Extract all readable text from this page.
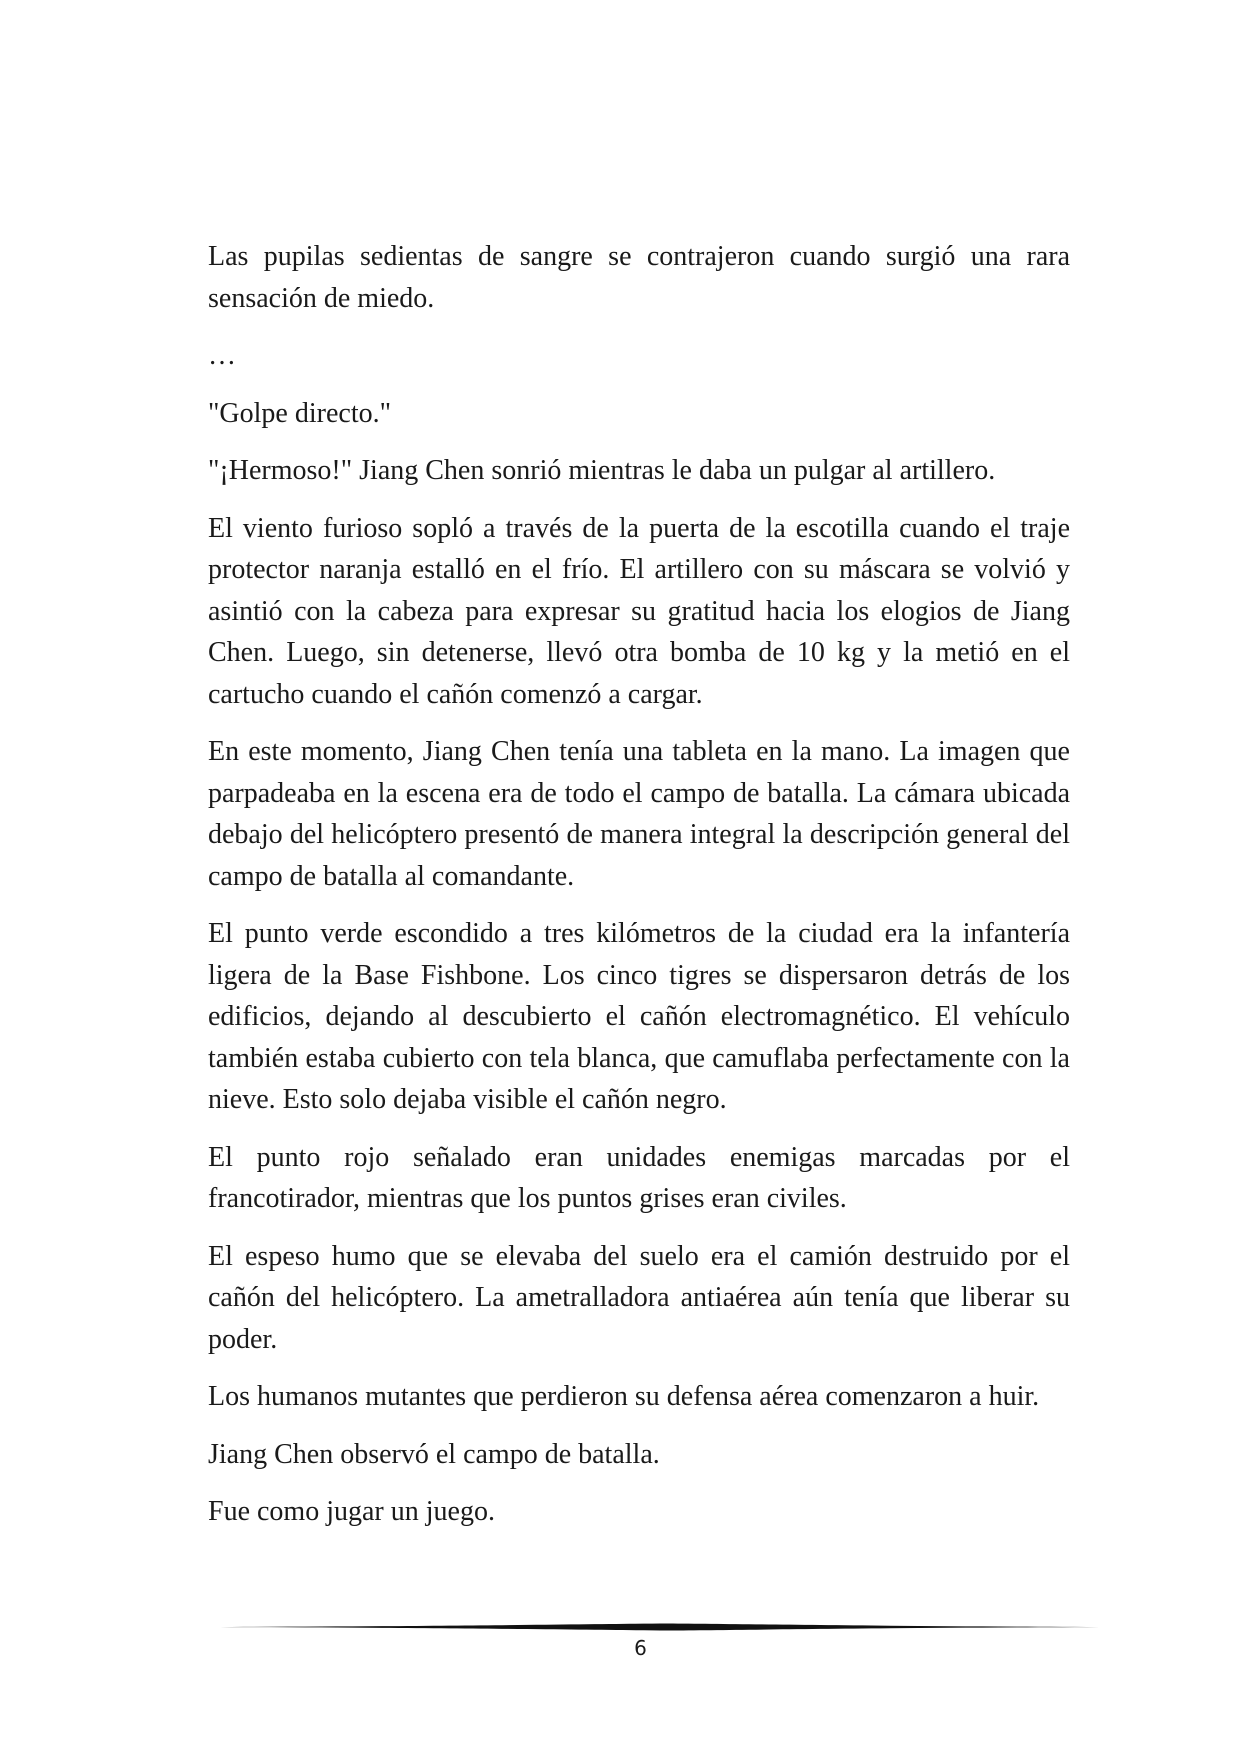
Las pupilas sedientas de sangre se contrajeron cuando surgió una rara sensación de miedo.

…

"Golpe directo."

"¡Hermoso!" Jiang Chen sonrió mientras le daba un pulgar al artillero.

El viento furioso sopló a través de la puerta de la escotilla cuando el traje protector naranja estalló en el frío. El artillero con su máscara se volvió y asintió con la cabeza para expresar su gratitud hacia los elogios de Jiang Chen. Luego, sin detenerse, llevó otra bomba de 10 kg y la metió en el cartucho cuando el cañón comenzó a cargar.

En este momento, Jiang Chen tenía una tableta en la mano. La imagen que parpadeaba en la escena era de todo el campo de batalla. La cámara ubicada debajo del helicóptero presentó de manera integral la descripción general del campo de batalla al comandante.

El punto verde escondido a tres kilómetros de la ciudad era la infantería ligera de la Base Fishbone. Los cinco tigres se dispersaron detrás de los edificios, dejando al descubierto el cañón electromagnético. El vehículo también estaba cubierto con tela blanca, que camuflaba perfectamente con la nieve. Esto solo dejaba visible el cañón negro.

El punto rojo señalado eran unidades enemigas marcadas por el francotirador, mientras que los puntos grises eran civiles.

El espeso humo que se elevaba del suelo era el camión destruido por el cañón del helicóptero. La ametralladora antiaérea aún tenía que liberar su poder.

Los humanos mutantes que perdieron su defensa aérea comenzaron a huir.

Jiang Chen observó el campo de batalla.

Fue como jugar un juego.

6
